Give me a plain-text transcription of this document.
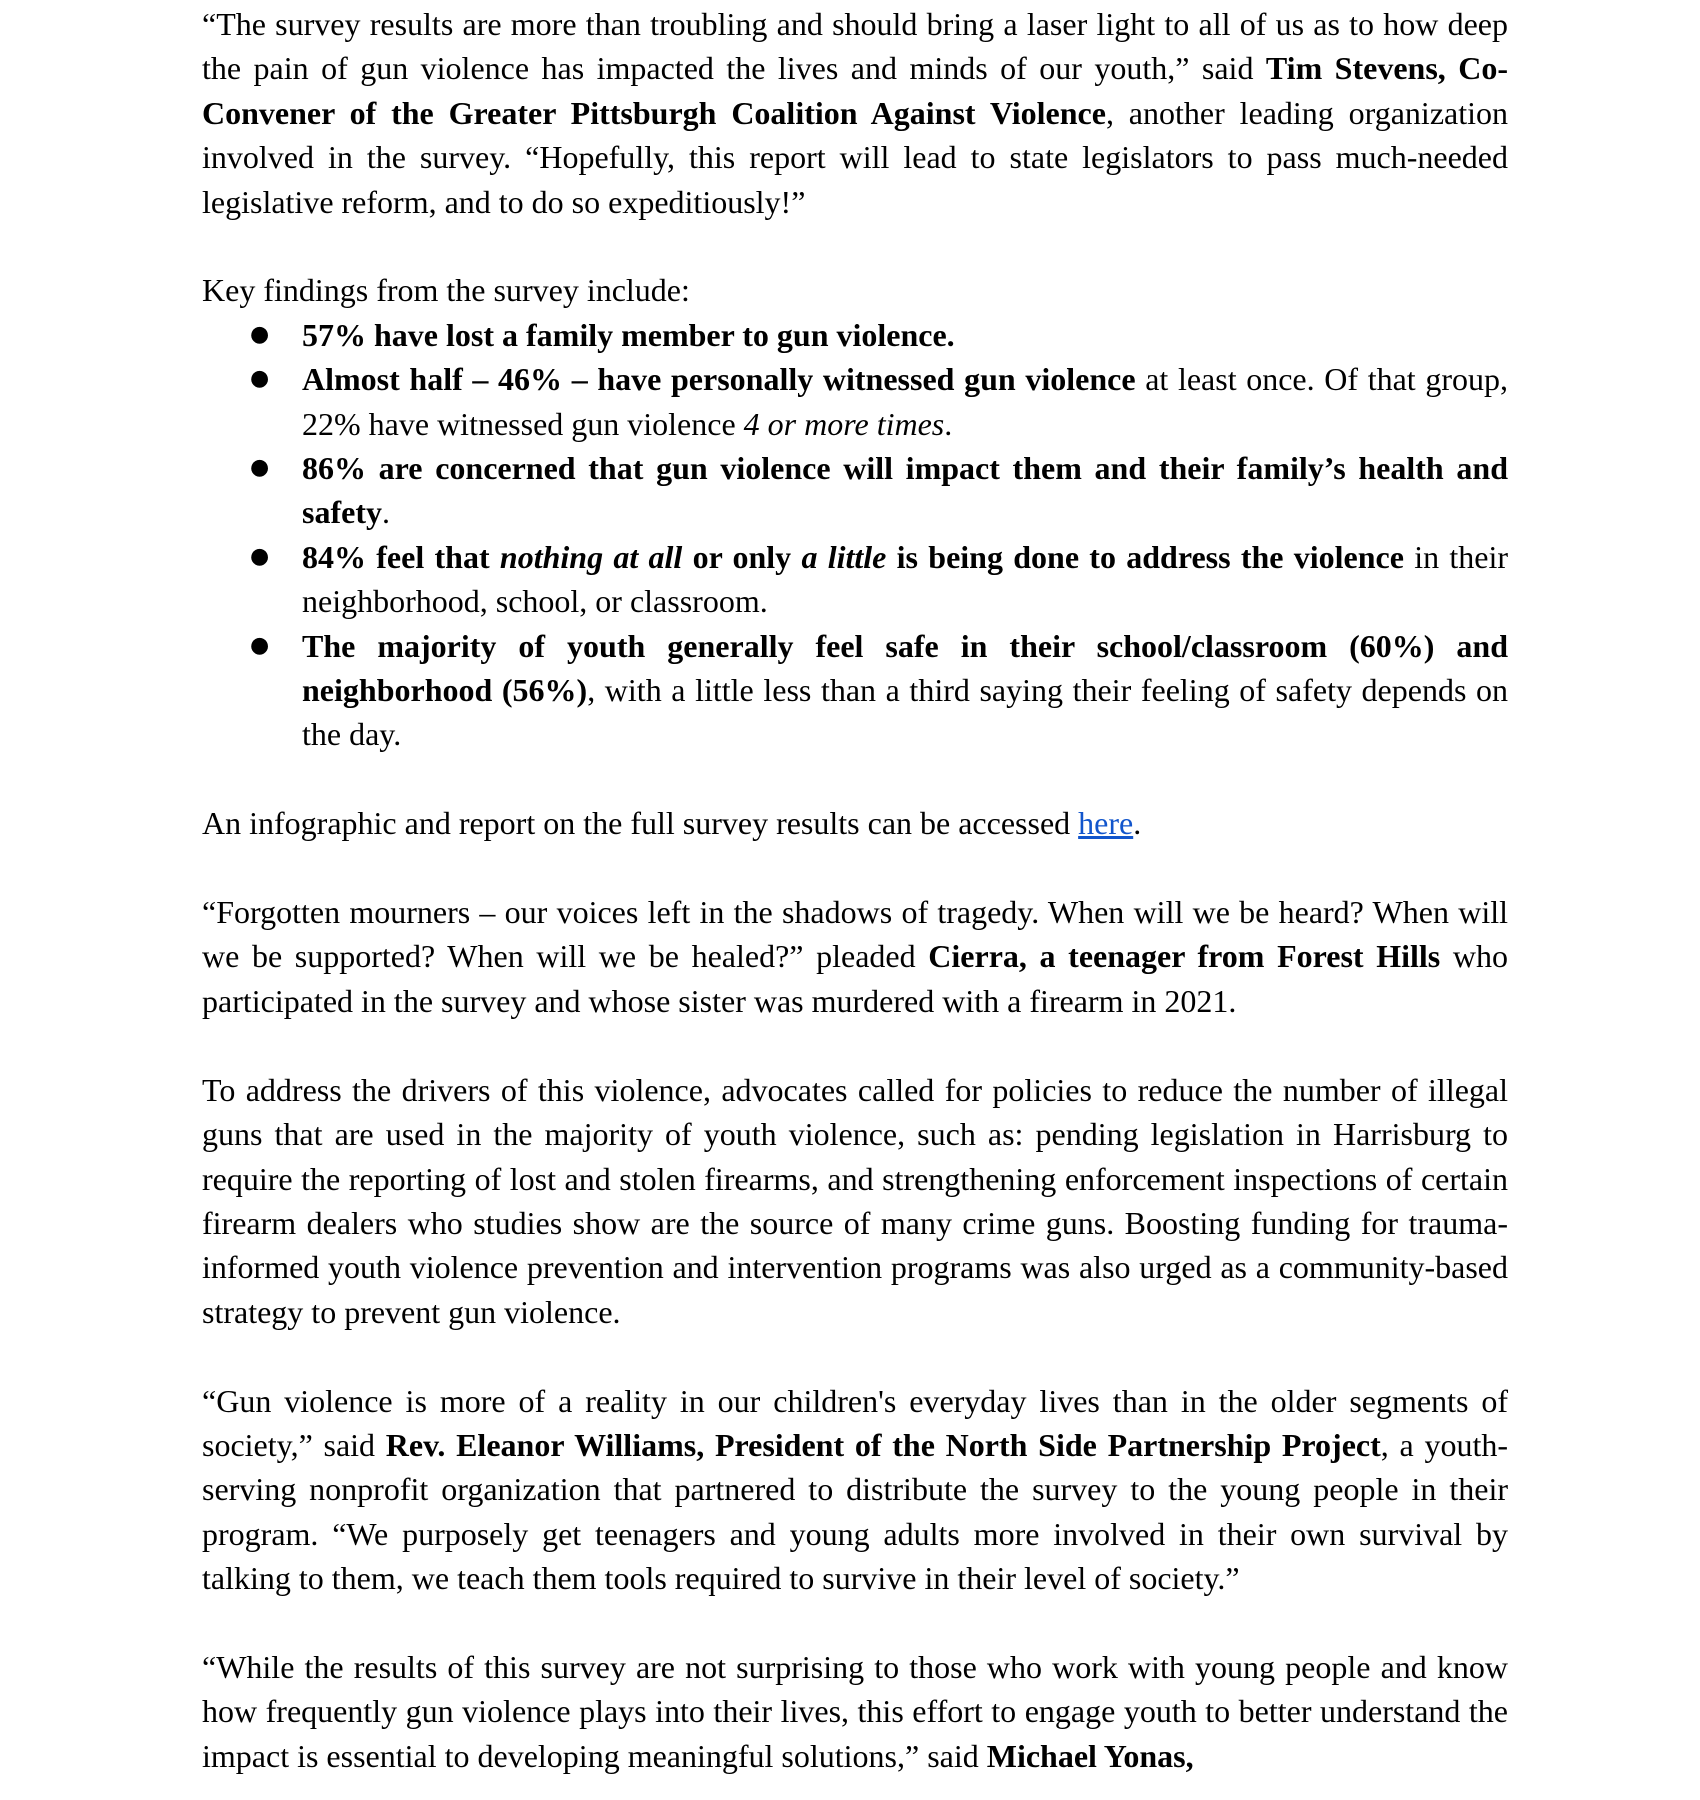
“The survey results are more than troubling and should bring a laser light to all of us as to how deep the pain of gun violence has impacted the lives and minds of our youth,” said Tim Stevens, Co-Convener of the Greater Pittsburgh Coalition Against Violence, another leading organization involved in the survey. “Hopefully, this report will lead to state legislators to pass much-needed legislative reform, and to do so expeditiously!”

Key findings from the survey include:

● 57% have lost a family member to gun violence.
● Almost half – 46% – have personally witnessed gun violence at least once. Of that group, 22% have witnessed gun violence 4 or more times.
● 86% are concerned that gun violence will impact them and their family’s health and safety.
● 84% feel that nothing at all or only a little is being done to address the violence in their neighborhood, school, or classroom.
● The majority of youth generally feel safe in their school/classroom (60%) and neighborhood (56%), with a little less than a third saying their feeling of safety depends on the day.

An infographic and report on the full survey results can be accessed here.

“Forgotten mourners – our voices left in the shadows of tragedy. When will we be heard? When will we be supported? When will we be healed?” pleaded Cierra, a teenager from Forest Hills who participated in the survey and whose sister was murdered with a firearm in 2021.

To address the drivers of this violence, advocates called for policies to reduce the number of illegal guns that are used in the majority of youth violence, such as: pending legislation in Harrisburg to require the reporting of lost and stolen firearms, and strengthening enforcement inspections of certain firearm dealers who studies show are the source of many crime guns. Boosting funding for trauma-informed youth violence prevention and intervention programs was also urged as a community-based strategy to prevent gun violence.

“Gun violence is more of a reality in our children's everyday lives than in the older segments of society,” said Rev. Eleanor Williams, President of the North Side Partnership Project, a youth-serving nonprofit organization that partnered to distribute the survey to the young people in their program. “We purposely get teenagers and young adults more involved in their own survival by talking to them, we teach them tools required to survive in their level of society.”

“While the results of this survey are not surprising to those who work with young people and know how frequently gun violence plays into their lives, this effort to engage youth to better understand the impact is essential to developing meaningful solutions,” said Michael Yonas,
